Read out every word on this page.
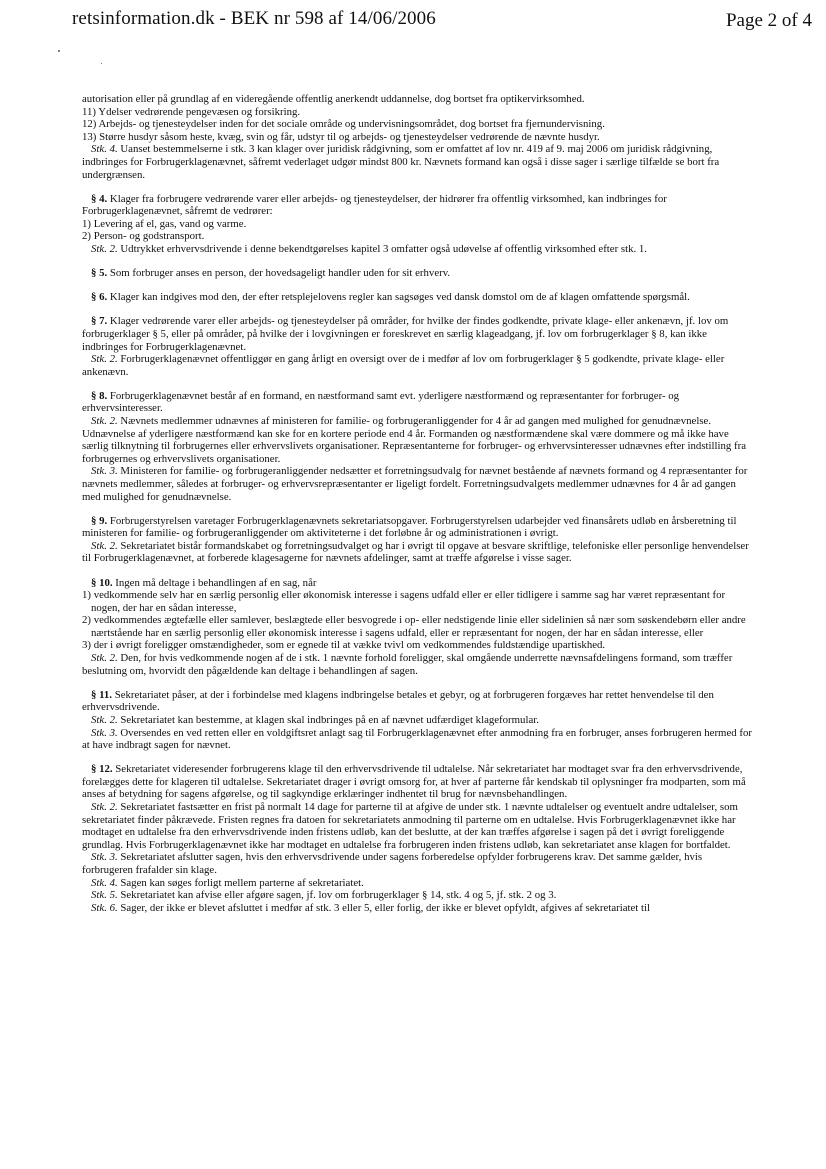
retsinformation.dk - BEK nr 598 af 14/06/2006	Page 2 of 4
autorisation eller på grundlag af en videregående offentlig anerkendt uddannelse, dog bortset fra optikervirksomhed.
11) Ydelser vedrørende pengevæsen og forsikring.
12) Arbejds- og tjenesteydelser inden for det sociale område og undervisningsområdet, dog bortset fra fjernundervisning.
13) Større husdyr såsom heste, kvæg, svin og får, udstyr til og arbejds- og tjenesteydelser vedrørende de nævnte husdyr.
Stk. 4. Uanset bestemmelserne i stk. 3 kan klager over juridisk rådgivning, som er omfattet af lov nr. 419 af 9. maj 2006 om juridisk rådgivning, indbringes for Forbrugerklagenævnet, såfremt vederlaget udgør mindst 800 kr. Nævnets formand kan også i disse sager i særlige tilfælde se bort fra undergrænsen.
§ 4. Klager fra forbrugere vedrørende varer eller arbejds- og tjenesteydelser, der hidrører fra offentlig virksomhed, kan indbringes for Forbrugerklagenævnet, såfremt de vedrører:
1) Levering af el, gas, vand og varme.
2) Person- og godstransport.
Stk. 2. Udtrykket erhvervsdrivende i denne bekendtgørelses kapitel 3 omfatter også udøvelse af offentlig virksomhed efter stk. 1.
§ 5. Som forbruger anses en person, der hovedsageligt handler uden for sit erhverv.
§ 6. Klager kan indgives mod den, der efter retsplejelovens regler kan sagsøges ved dansk domstol om de af klagen omfattende spørgsmål.
§ 7. Klager vedrørende varer eller arbejds- og tjenesteydelser på områder, for hvilke der findes godkendte, private klage- eller ankenævn, jf. lov om forbrugerklager § 5, eller på områder, på hvilke der i lovgivningen er foreskrevet en særlig klageadgang, jf. lov om forbrugerklager § 8, kan ikke indbringes for Forbrugerklagenævnet.
Stk. 2. Forbrugerklagenævnet offentliggør en gang årligt en oversigt over de i medfør af lov om forbrugerklager § 5 godkendte, private klage- eller ankenævn.
§ 8. Forbrugerklagenævnet består af en formand, en næstformand samt evt. yderligere næstformænd og repræsentanter for forbruger- og erhvervsinteresser.
Stk. 2. Nævnets medlemmer udnævnes af ministeren for familie- og forbrugeranliggender for 4 år ad gangen med mulighed for genudnævnelse. Udnævnelse af yderligere næstformænd kan ske for en kortere periode end 4 år. Formanden og næstformændene skal være dommere og må ikke have særlig tilknytning til forbrugernes eller erhvervslivets organisationer. Repræsentanterne for forbruger- og erhvervsinteresser udnævnes efter indstilling fra forbrugernes og erhvervslivets organisationer.
Stk. 3. Ministeren for familie- og forbrugeranliggender nedsætter et forretningsudvalg for nævnet bestående af nævnets formand og 4 repræsentanter for nævnets medlemmer, således at forbruger- og erhvervsrepræsentanter er ligeligt fordelt. Forretningsudvalgets medlemmer udnævnes for 4 år ad gangen med mulighed for genudnævnelse.
§ 9. Forbrugerstyrelsen varetager Forbrugerklagenævnets sekretariatsopgaver. Forbrugerstyrelsen udarbejder ved finansårets udløb en årsberetning til ministeren for familie- og forbrugeranliggender om aktiviteterne i det forløbne år og administrationen i øvrigt.
Stk. 2. Sekretariatet bistår formandskabet og forretningsudvalget og har i øvrigt til opgave at besvare skriftlige, telefoniske eller personlige henvendelser til Forbrugerklagenævnet, at forberede klagesagerne for nævnets afdelinger, samt at træffe afgørelse i visse sager.
§ 10. Ingen må deltage i behandlingen af en sag, når
1) vedkommende selv har en særlig personlig eller økonomisk interesse i sagens udfald eller er eller tidligere i samme sag har været repræsentant for nogen, der har en sådan interesse,
2) vedkommendes ægtefælle eller samlever, beslægtede eller besvogrede i op- eller nedstigende linie eller sidelinien så nær som søskendebørn eller andre nærtstående har en særlig personlig eller økonomisk interesse i sagens udfald, eller er repræsentant for nogen, der har en sådan interesse, eller
3) der i øvrigt foreligger omstændigheder, som er egnede til at vække tvivl om vedkommendes fuldstændige upartiskhed.
Stk. 2. Den, for hvis vedkommende nogen af de i stk. 1 nævnte forhold foreligger, skal omgående underrette nævnsafdelingens formand, som træffer beslutning om, hvorvidt den pågældende kan deltage i behandlingen af sagen.
§ 11. Sekretariatet påser, at der i forbindelse med klagens indbringelse betales et gebyr, og at forbrugeren forgæves har rettet henvendelse til den erhvervsdrivende.
Stk. 2. Sekretariatet kan bestemme, at klagen skal indbringes på en af nævnet udfærdiget klageformular.
Stk. 3. Oversendes en ved retten eller en voldgiftsret anlagt sag til Forbrugerklagenævnet efter anmodning fra en forbruger, anses forbrugeren hermed for at have indbragt sagen for nævnet.
§ 12. Sekretariatet videresender forbrugerens klage til den erhvervsdrivende til udtalelse. Når sekretariatet har modtaget svar fra den erhvervsdrivende, forelægges dette for klageren til udtalelse. Sekretariatet drager i øvrigt omsorg for, at hver af parterne får kendskab til oplysninger fra modparten, som må anses af betydning for sagens afgørelse, og til sagkyndige erklæringer indhentet til brug for nævnsbehandlingen.
Stk. 2. Sekretariatet fastsætter en frist på normalt 14 dage for parterne til at afgive de under stk. 1 nævnte udtalelser og eventuelt andre udtalelser, som sekretariatet finder påkrævede. Fristen regnes fra datoen for sekretariatets anmodning til parterne om en udtalelse. Hvis Forbrugerklagenævnet ikke har modtaget en udtalelse fra den erhvervsdrivende inden fristens udløb, kan det beslutte, at der kan træffes afgørelse i sagen på det i øvrigt foreliggende grundlag. Hvis Forbrugerklagenævnet ikke har modtaget en udtalelse fra forbrugeren inden fristens udløb, kan sekretariatet anse klagen for bortfaldet.
Stk. 3. Sekretariatet afslutter sagen, hvis den erhvervsdrivende under sagens forberedelse opfylder forbrugerens krav. Det samme gælder, hvis forbrugeren frafalder sin klage.
Stk. 4. Sagen kan søges forligt mellem parterne af sekretariatet.
Stk. 5. Sekretariatet kan afvise eller afgøre sagen, jf. lov om forbrugerklager § 14, stk. 4 og 5, jf. stk. 2 og 3.
Stk. 6. Sager, der ikke er blevet afsluttet i medfør af stk. 3 eller 5, eller forlig, der ikke er blevet opfyldt, afgives af sekretariatet til
